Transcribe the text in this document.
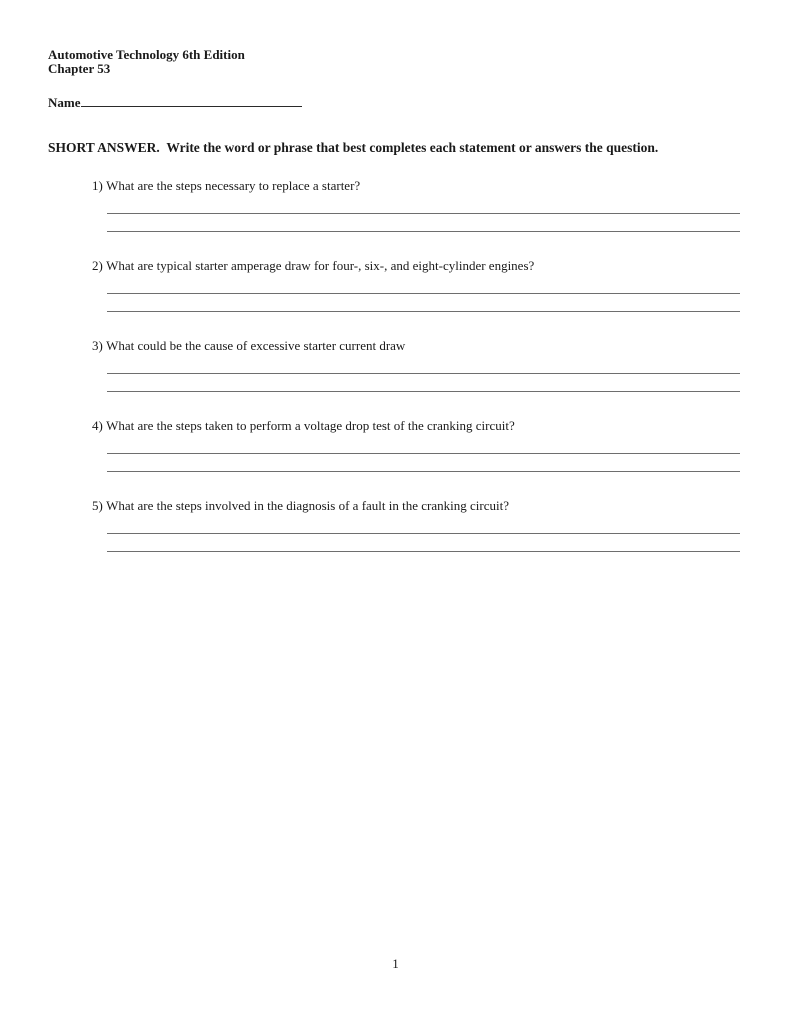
Automotive Technology 6th Edition
Chapter 53
Name
SHORT ANSWER.  Write the word or phrase that best completes each statement or answers the question.
1) What are the steps necessary to replace a starter?
2) What are typical starter amperage draw for four-, six-, and eight-cylinder engines?
3) What could be the cause of excessive starter current draw
4) What are the steps taken to perform a voltage drop test of the cranking circuit?
5) What are the steps involved in the diagnosis of a fault in the cranking circuit?
1
